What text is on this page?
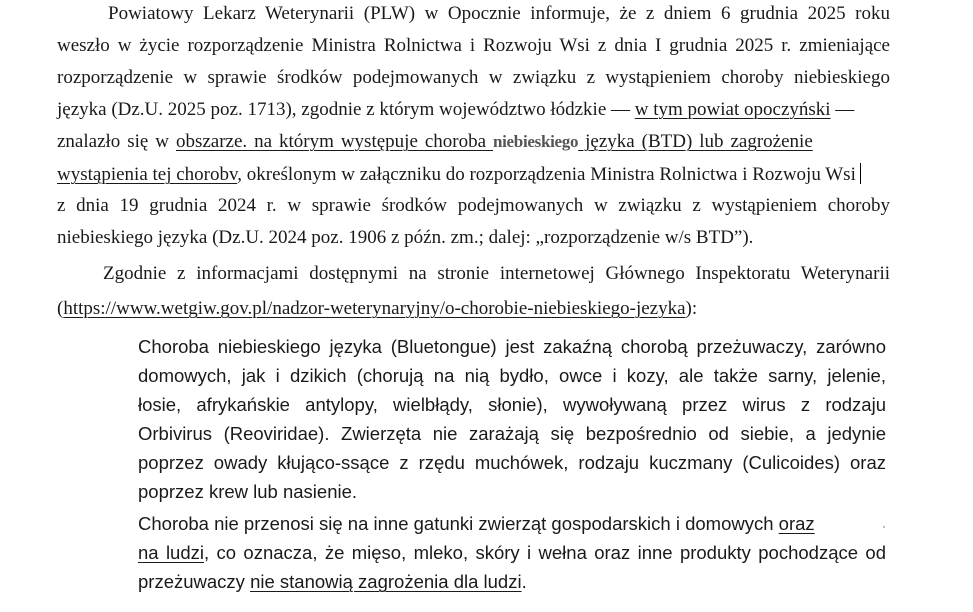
Powiatowy Lekarz Weterynarii (PLW) w Opocznie informuje, że z dniem 6 grudnia 2025 roku
weszło w życie rozporządzenie Ministra Rolnictwa i Rozwoju Wsi z dnia I grudnia 2025 r. zmieniające
rozporządzenie w sprawie środków podejmowanych w związku z wystąpieniem choroby niebieskiego
języka (Dz.U. 2025 poz. 1713), zgodnie z którym województwo łódzkie — w tym powiat opoczyński —
znalazło się w obszarze. na którym występuje choroba niebieskiego języka (BTD) lub zagrożenie
wystąpienia tej chorobv, określonym w załączniku do rozporządzenia Ministra Rolnictwa i Rozwoju Wsi
z dnia 19 grudnia 2024 r. w sprawie środków podejmowanych w związku z wystąpieniem choroby
niebieskiego języka (Dz.U. 2024 poz. 1906 z późn. zm.; dalej: „rozporządzenie w/s BTD”).
Zgodnie z informacjami dostępnymi na stronie internetowej Głównego Inspektoratu Weterynarii
(https://www.wetgiw.gov.pl/nadzor-weterynaryjny/o-chorobie-niebieskiego-jezyka):
Choroba niebieskiego języka (Bluetongue) jest zakaźną chorobą przeżuwaczy, zarówno
domowych, jak i dzikich (chorują na nią bydło, owce i kozy, ale także sarny, jelenie,
łosie, afrykańskie antylopy, wielbłądy, słonie), wywoływaną przez wirus z rodzaju
Orbivirus (Reoviridae). Zwierzęta nie zarażają się bezpośrednio od siebie, a jedynie
poprzez owady kłująco-ssące z rzędu muchówek, rodzaju kuczmany (Culicoides) oraz
poprzez krew lub nasienie.
Choroba nie przenosi się na inne gatunki zwierząt gospodarskich i domowych oraz
na ludzi, co oznacza, że mięso, mleko, skóry i wełna oraz inne produkty pochodzące od
przeżuwaczy nie stanowią zagrożenia dla ludzi.
